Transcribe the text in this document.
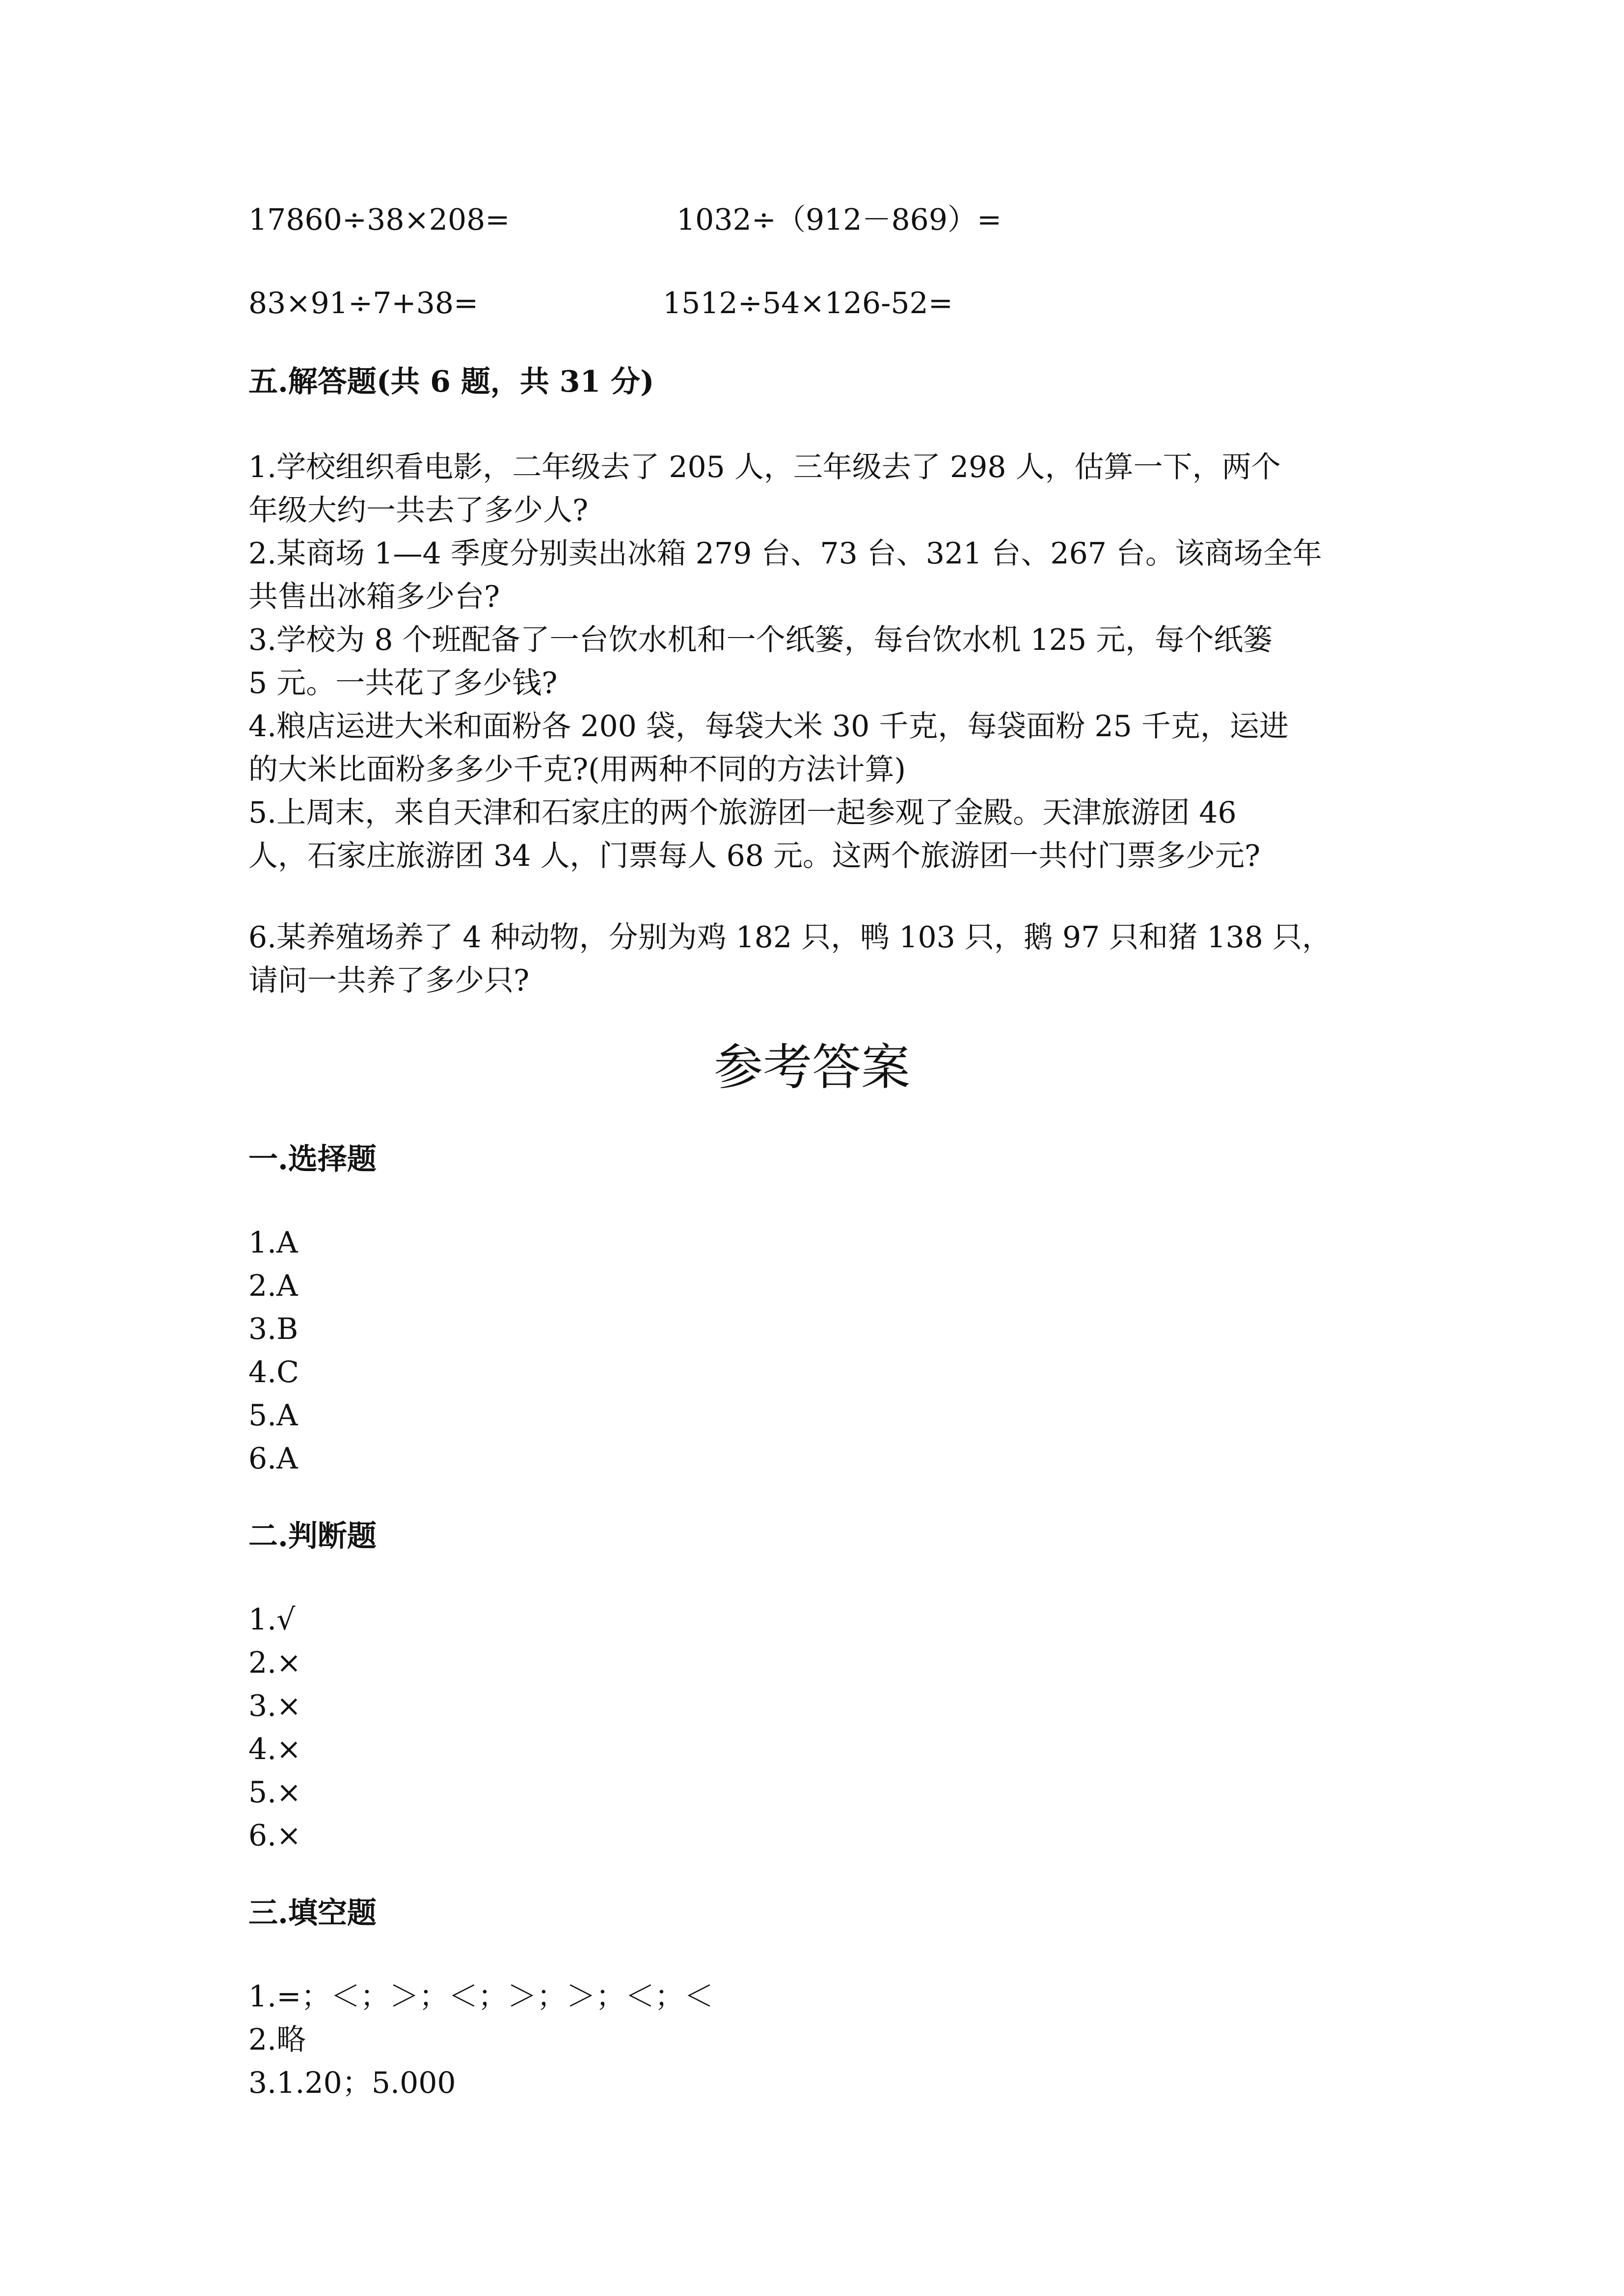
17860÷38×208=	1032÷（912－869）=
83×91÷7+38=	1512÷54×126-52=
五.解答题(共 6 题，共 31 分)
1.学校组织看电影，二年级去了 205 人，三年级去了 298 人，估算一下，两个
年级大约一共去了多少人?
2.某商场 1—4 季度分别卖出冰箱 279 台、73 台、321 台、267 台。该商场全年
共售出冰箱多少台?
3.学校为 8 个班配备了一台饮水机和一个纸篓，每台饮水机 125 元，每个纸篓
5 元。一共花了多少钱?
4.粮店运进大米和面粉各 200 袋，每袋大米 30 千克，每袋面粉 25 千克，运进
的大米比面粉多多少千克?(用两种不同的方法计算)
5.上周末，来自天津和石家庄的两个旅游团一起参观了金殿。天津旅游团 46
人，石家庄旅游团 34 人，门票每人 68 元。这两个旅游团一共付门票多少元?
6.某养殖场养了 4 种动物，分别为鸡 182 只，鸭 103 只，鹅 97 只和猪 138 只，
请问一共养了多少只?
参考答案
一.选择题
1.A
2.A
3.B
4.C
5.A
6.A
二.判断题
1.√
2.×
3.×
4.×
5.×
6.×
三.填空题
1.=；＜；＞；＜；＞；＞；＜；＜
2.略
3.1.20；5.000
